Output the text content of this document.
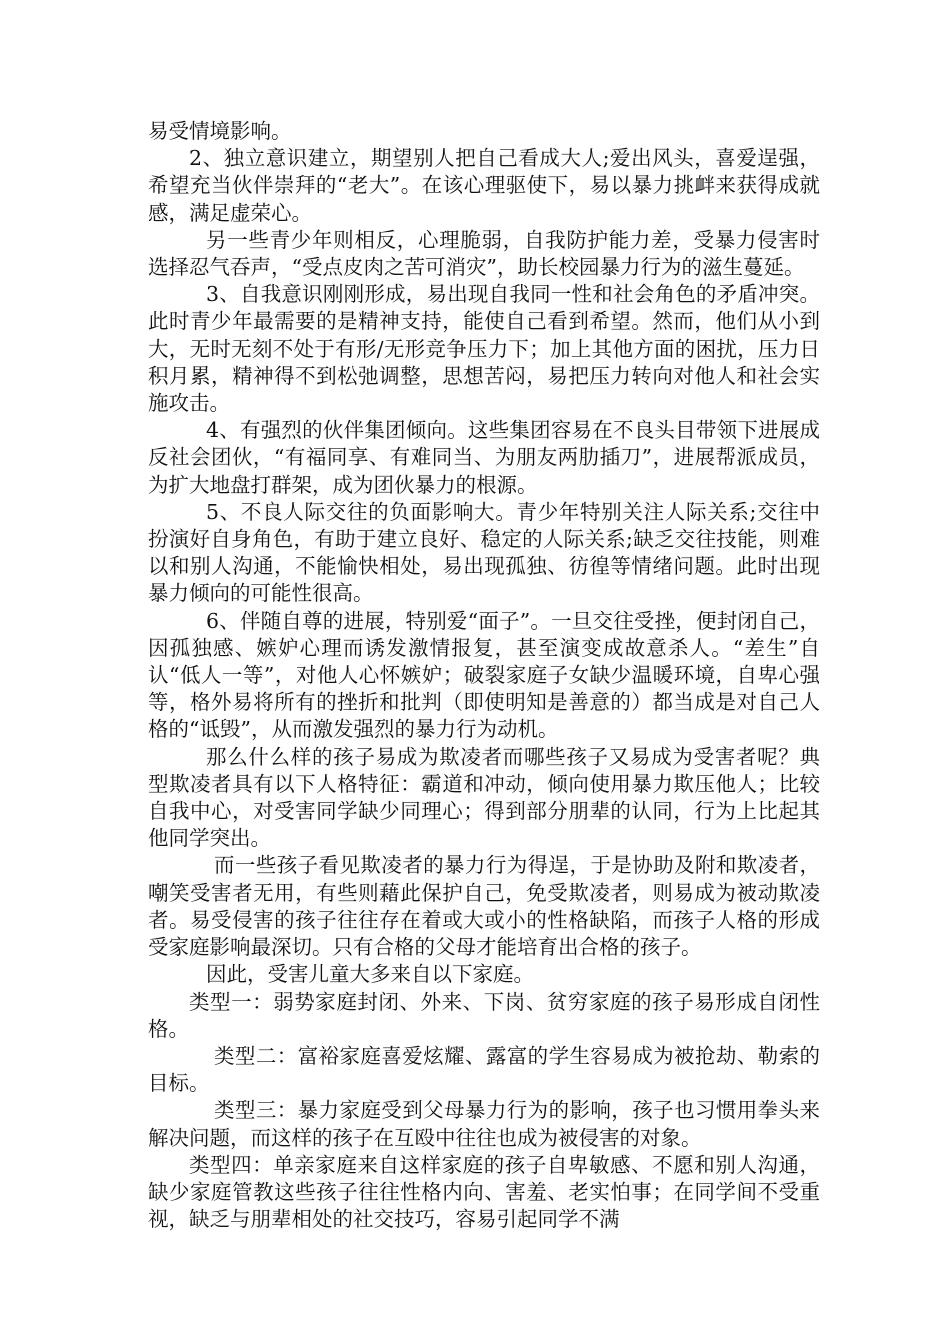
易受情境影响。

2、独立意识建立，期望别人把自己看成大人;爱出风头，喜爱逞强，希望充当伙伴崇拜的“老大”。在该心理驱使下，易以暴力挑衅来获得成就感，满足虚荣心。

另一些青少年则相反，心理脆弱，自我防护能力差，受暴力侵害时选择忍气吞声，“受点皮肉之苦可消灾”，助长校园暴力行为的滋生蔓延。

3、自我意识刚刚形成，易出现自我同一性和社会角色的矛盾冲突。此时青少年最需要的是精神支持，能使自己看到希望。然而，他们从小到大，无时无刻不处于有形/无形竞争压力下；加上其他方面的困扰，压力日积月累，精神得不到松弛调整，思想苦闷，易把压力转向对他人和社会实施攻击。

4、有强烈的伙伴集团倾向。这些集团容易在不良头目带领下进展成反社会团伙，“有福同享、有难同当、为朋友两肋插刀”，进展帮派成员，为扩大地盘打群架，成为团伙暴力的根源。

5、不良人际交往的负面影响大。青少年特别关注人际关系;交往中扮演好自身角色，有助于建立良好、稳定的人际关系;缺乏交往技能，则难以和别人沟通，不能愉快相处，易出现孤独、彷徨等情绪问题。此时出现暴力倾向的可能性很高。

6、伴随自尊的进展，特别爱“面子”。一旦交往受挫，便封闭自己，因孤独感、嫉妒心理而诱发激情报复，甚至演变成故意杀人。“差生”自认“低人一等”，对他人心怀嫉妒；破裂家庭子女缺少温暖环境，自卑心强等，格外易将所有的挫折和批判（即使明知是善意的）都当成是对自己人格的“诋毁”，从而激发强烈的暴力行为动机。

那么什么样的孩子易成为欺凌者而哪些孩子又易成为受害者呢？典型欺凌者具有以下人格特征：霸道和冲动，倾向使用暴力欺压他人；比较自我中心，对受害同学缺少同理心；得到部分朋辈的认同，行为上比起其他同学突出。

而一些孩子看见欺凌者的暴力行为得逞，于是协助及附和欺凌者，嘲笑受害者无用，有些则藉此保护自己，免受欺凌者，则易成为被动欺凌者。易受侵害的孩子往往存在着或大或小的性格缺陷，而孩子人格的形成受家庭影响最深切。只有合格的父母才能培育出合格的孩子。

因此，受害儿童大多来自以下家庭。

类型一：弱势家庭封闭、外来、下岗、贫穷家庭的孩子易形成自闭性格。

类型二：富裕家庭喜爱炫耀、露富的学生容易成为被抢劫、勒索的目标。

类型三：暴力家庭受到父母暴力行为的影响，孩子也习惯用拳头来解决问题，而这样的孩子在互殴中往往也成为被侵害的对象。

类型四：单亲家庭来自这样家庭的孩子自卑敏感、不愿和别人沟通，缺少家庭管教这些孩子往往性格内向、害羞、老实怕事；在同学间不受重视，缺乏与朋辈相处的社交技巧，容易引起同学不满
